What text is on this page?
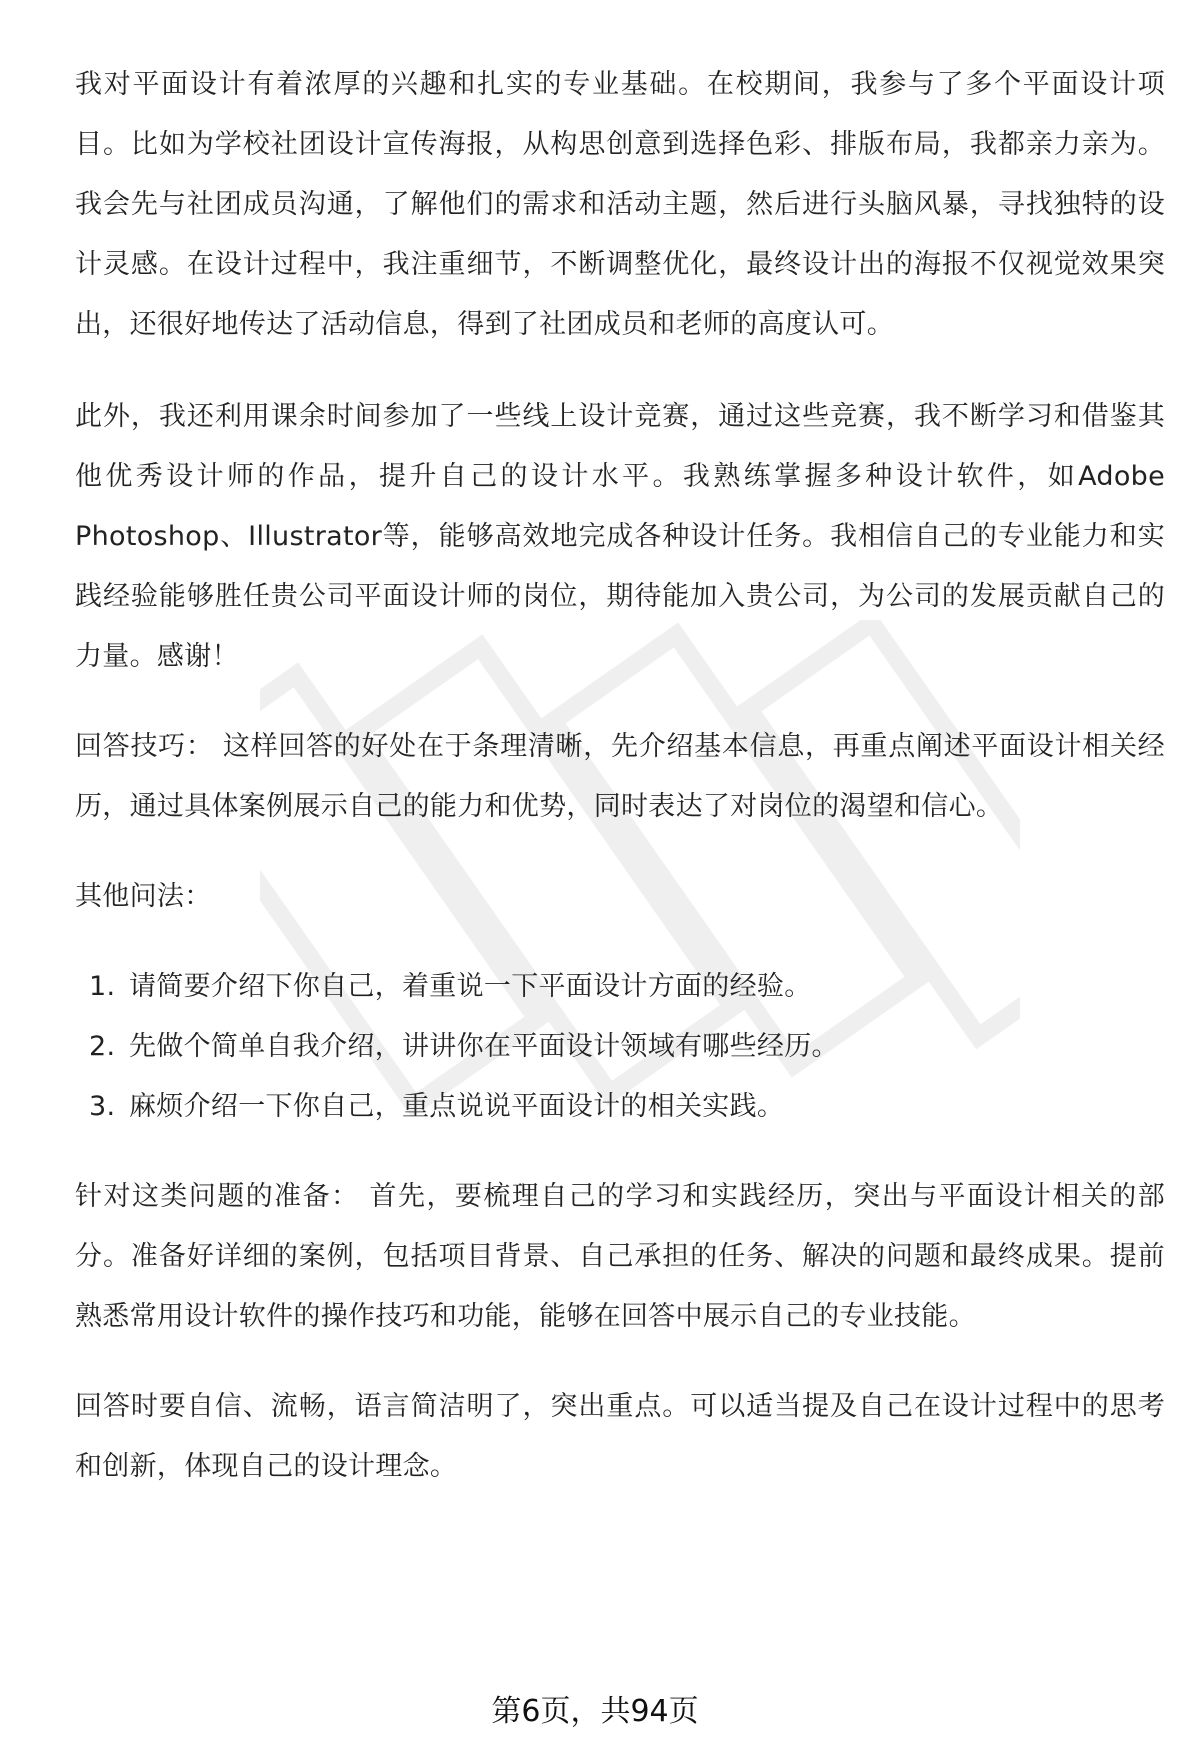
我对平面设计有着浓厚的兴趣和扎实的专业基础。在校期间，我参与了多个平面设计项目。比如为学校社团设计宣传海报，从构思创意到选择色彩、排版布局，我都亲力亲为。我会先与社团成员沟通，了解他们的需求和活动主题，然后进行头脑风暴，寻找独特的设计灵感。在设计过程中，我注重细节，不断调整优化，最终设计出的海报不仅视觉效果突出，还很好地传达了活动信息，得到了社团成员和老师的高度认可。

此外，我还利用课余时间参加了一些线上设计竞赛，通过这些竞赛，我不断学习和借鉴其他优秀设计师的作品，提升自己的设计水平。我熟练掌握多种设计软件，如Adobe Photoshop、Illustrator等，能够高效地完成各种设计任务。我相信自己的专业能力和实践经验能够胜任贵公司平面设计师的岗位，期待能加入贵公司，为公司的发展贡献自己的力量。感谢！

回答技巧： 这样回答的好处在于条理清晰，先介绍基本信息，再重点阐述平面设计相关经历，通过具体案例展示自己的能力和优势，同时表达了对岗位的渴望和信心。

其他问法：

1. 请简要介绍下你自己，着重说一下平面设计方面的经验。
2. 先做个简单自我介绍，讲讲你在平面设计领域有哪些经历。
3. 麻烦介绍一下你自己，重点说说平面设计的相关实践。

针对这类问题的准备： 首先，要梳理自己的学习和实践经历，突出与平面设计相关的部分。准备好详细的案例，包括项目背景、自己承担的任务、解决的问题和最终成果。提前熟悉常用设计软件的操作技巧和功能，能够在回答中展示自己的专业技能。

回答时要自信、流畅，语言简洁明了，突出重点。可以适当提及自己在设计过程中的思考和创新，体现自己的设计理念。

第6页，共94页
